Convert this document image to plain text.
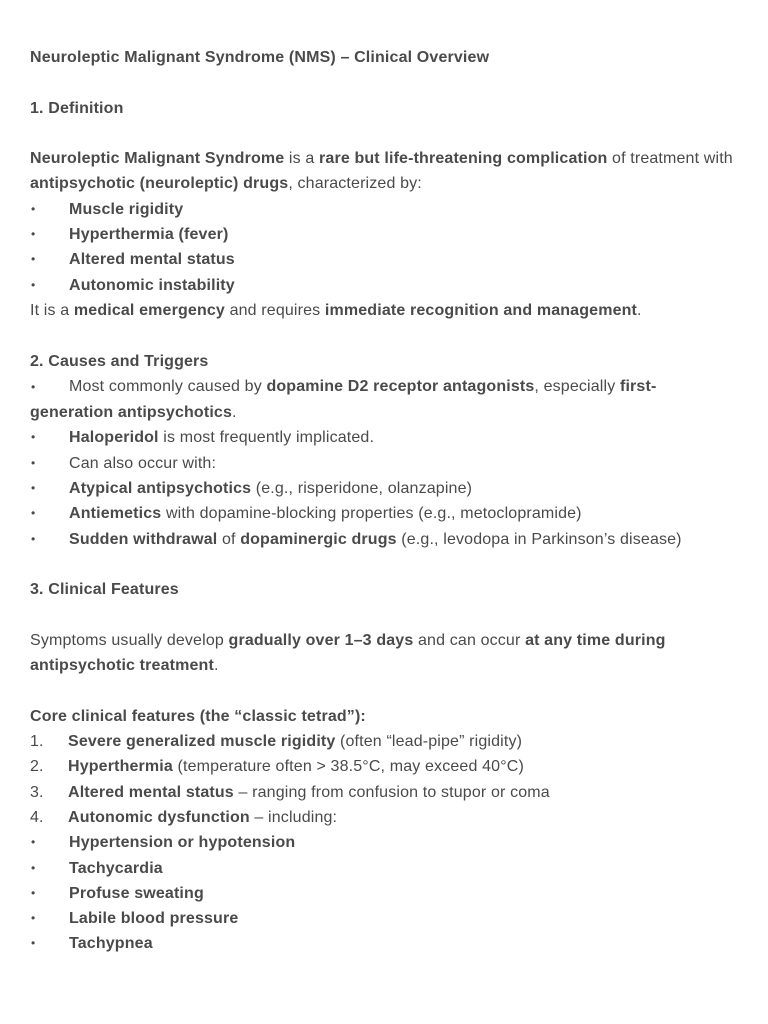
Neuroleptic Malignant Syndrome (NMS) – Clinical Overview
1. Definition
Neuroleptic Malignant Syndrome is a rare but life-threatening complication of treatment with antipsychotic (neuroleptic) drugs, characterized by:
•	Muscle rigidity
•	Hyperthermia (fever)
•	Altered mental status
•	Autonomic instability
It is a medical emergency and requires immediate recognition and management.
2. Causes and Triggers
• Most commonly caused by dopamine D2 receptor antagonists, especially first-generation antipsychotics.
•	Haloperidol is most frequently implicated.
•	Can also occur with:
•	Atypical antipsychotics (e.g., risperidone, olanzapine)
•	Antiemetics with dopamine-blocking properties (e.g., metoclopramide)
•	Sudden withdrawal of dopaminergic drugs (e.g., levodopa in Parkinson’s disease)
3. Clinical Features
Symptoms usually develop gradually over 1–3 days and can occur at any time during antipsychotic treatment.
Core clinical features (the “classic tetrad”):
1.	Severe generalized muscle rigidity (often “lead-pipe” rigidity)
2.	Hyperthermia (temperature often > 38.5°C, may exceed 40°C)
3.	Altered mental status – ranging from confusion to stupor or coma
4.	Autonomic dysfunction – including:
•	Hypertension or hypotension
•	Tachycardia
•	Profuse sweating
•	Labile blood pressure
•	Tachypnea
